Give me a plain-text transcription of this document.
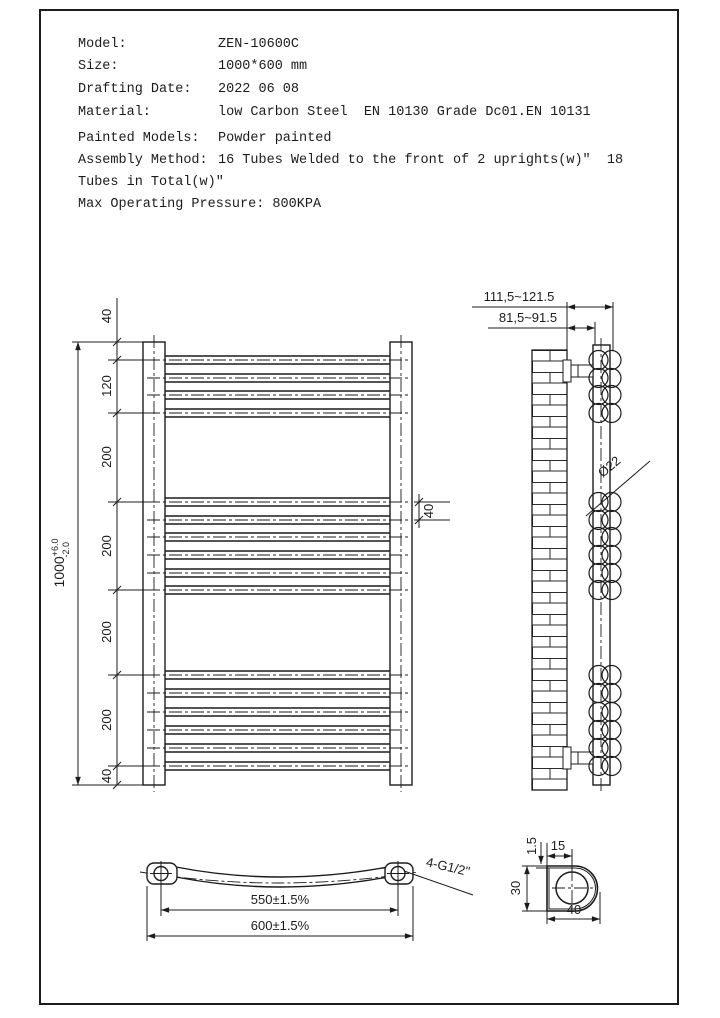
40
120
200
200
200
200
40
$1000^{+6.0}-2.0$
40
111,5~121.5
81,5~91.5
Ø22
4-G1/2"
550±1.5%
600±1.5%
1.5 15
30
40
Model:	ZEN-10600C
Size:	1000*600 mm
Drafting Date: 2022 06 08
Material:	low Carbon Steel  EN 10130 Grade Dc01.EN 10131
Painted Models: Powder painted
Assembly Method: 16 Tubes Welded to the front of 2 uprights(w)"  18
Tubes in Total(w)"
Max Operating Pressure: 800KPA
